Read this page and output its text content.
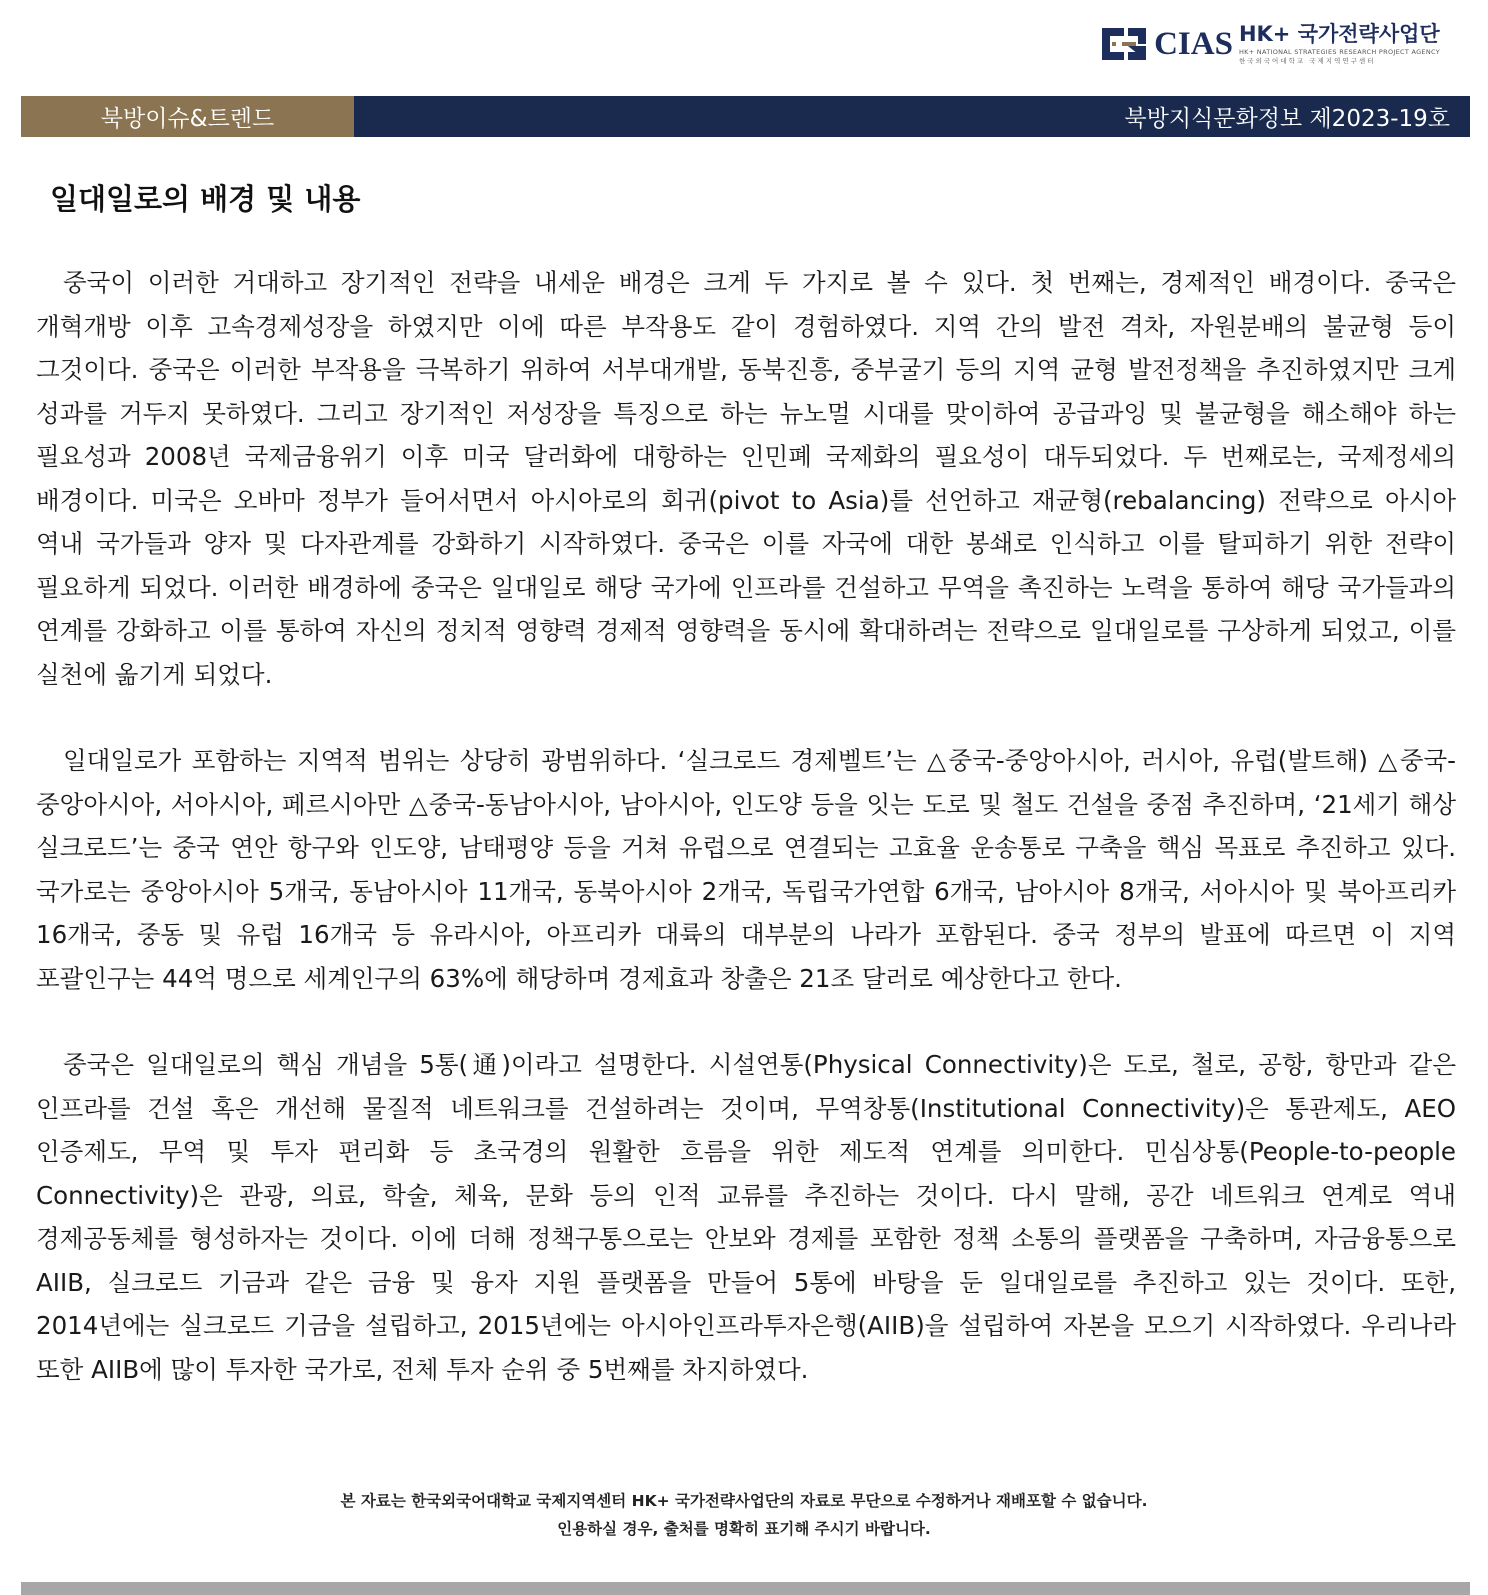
CIAS HK+ 국가전략사업단
HK+ NATIONAL STRATEGIES RESEARCH PROJECT AGENCY
한국외국어대학교 국제지역연구센터
북방이슈&트렌드	북방지식문화정보 제2023-19호
일대일로의 배경 및 내용

중국이 이러한 거대하고 장기적인 전략을 내세운 배경은 크게 두 가지로 볼 수 있다. 첫 번째는, 경제적인 배경이다. 중국은 개혁개방 이후 고속경제성장을 하였지만 이에 따른 부작용도 같이 경험하였다. 지역 간의 발전 격차, 자원분배의 불균형 등이 그것이다. 중국은 이러한 부작용을 극복하기 위하여 서부대개발, 동북진흥, 중부굴기 등의 지역 균형 발전정책을 추진하였지만 크게 성과를 거두지 못하였다. 그리고 장기적인 저성장을 특징으로 하는 뉴노멀 시대를 맞이하여 공급과잉 및 불균형을 해소해야 하는 필요성과 2008년 국제금융위기 이후 미국 달러화에 대항하는 인민폐 국제화의 필요성이 대두되었다. 두 번째로는, 국제정세의 배경이다. 미국은 오바마 정부가 들어서면서 아시아로의 회귀(pivot to Asia)를 선언하고 재균형(rebalancing) 전략으로 아시아 역내 국가들과 양자 및 다자관계를 강화하기 시작하였다. 중국은 이를 자국에 대한 봉쇄로 인식하고 이를 탈피하기 위한 전략이 필요하게 되었다. 이러한 배경하에 중국은 일대일로 해당 국가에 인프라를 건설하고 무역을 촉진하는 노력을 통하여 해당 국가들과의 연계를 강화하고 이를 통하여 자신의 정치적 영향력 경제적 영향력을 동시에 확대하려는 전략으로 일대일로를 구상하게 되었고, 이를 실천에 옮기게 되었다.

일대일로가 포함하는 지역적 범위는 상당히 광범위하다. ‘실크로드 경제벨트’는 △중국-중앙아시아, 러시아, 유럽(발트해) △중국-중앙아시아, 서아시아, 페르시아만 △중국-동남아시아, 남아시아, 인도양 등을 잇는 도로 및 철도 건설을 중점 추진하며, ‘21세기 해상 실크로드’는 중국 연안 항구와 인도양, 남태평양 등을 거쳐 유럽으로 연결되는 고효율 운송통로 구축을 핵심 목표로 추진하고 있다. 국가로는 중앙아시아 5개국, 동남아시아 11개국, 동북아시아 2개국, 독립국가연합 6개국, 남아시아 8개국, 서아시아 및 북아프리카 16개국, 중동 및 유럽 16개국 등 유라시아, 아프리카 대륙의 대부분의 나라가 포함된다. 중국 정부의 발표에 따르면 이 지역 포괄인구는 44억 명으로 세계인구의 63%에 해당하며 경제효과 창출은 21조 달러로 예상한다고 한다.

중국은 일대일로의 핵심 개념을 5통(通)이라고 설명한다. 시설연통(Physical Connectivity)은 도로, 철로, 공항, 항만과 같은 인프라를 건설 혹은 개선해 물질적 네트워크를 건설하려는 것이며, 무역창통(Institutional Connectivity)은 통관제도, AEO 인증제도, 무역 및 투자 편리화 등 초국경의 원활한 흐름을 위한 제도적 연계를 의미한다. 민심상통(People-to-people Connectivity)은 관광, 의료, 학술, 체육, 문화 등의 인적 교류를 추진하는 것이다. 다시 말해, 공간 네트워크 연계로 역내 경제공동체를 형성하자는 것이다. 이에 더해 정책구통으로는 안보와 경제를 포함한 정책 소통의 플랫폼을 구축하며, 자금융통으로 AIIB, 실크로드 기금과 같은 금융 및 융자 지원 플랫폼을 만들어 5통에 바탕을 둔 일대일로를 추진하고 있는 것이다. 또한, 2014년에는 실크로드 기금을 설립하고, 2015년에는 아시아인프라투자은행(AIIB)을 설립하여 자본을 모으기 시작하였다. 우리나라 또한 AIIB에 많이 투자한 국가로, 전체 투자 순위 중 5번째를 차지하였다.

본 자료는 한국외국어대학교 국제지역센터 HK+ 국가전략사업단의 자료로 무단으로 수정하거나 재배포할 수 없습니다.
인용하실 경우, 출처를 명확히 표기해 주시기 바랍니다.
